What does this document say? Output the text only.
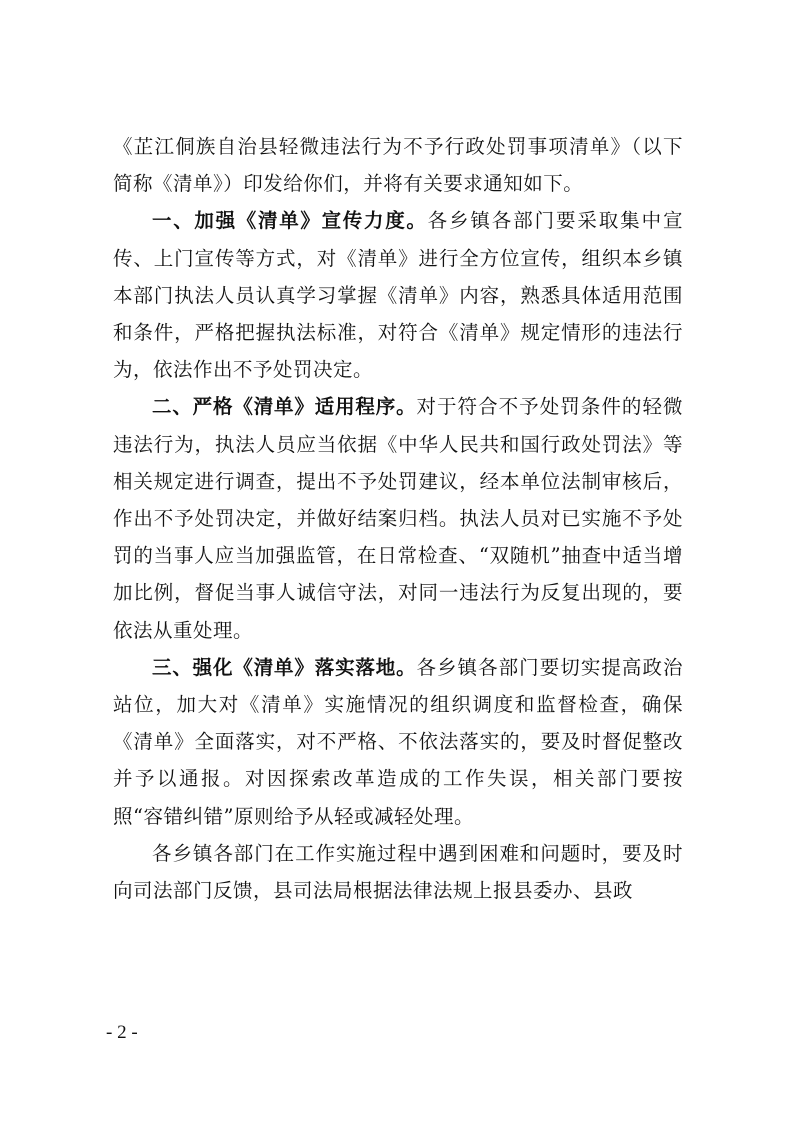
《芷江侗族自治县轻微违法行为不予行政处罚事项清单》（以下简称《清单》）印发给你们，并将有关要求通知如下。

一、加强《清单》宣传力度。各乡镇各部门要采取集中宣传、上门宣传等方式，对《清单》进行全方位宣传，组织本乡镇本部门执法人员认真学习掌握《清单》内容，熟悉具体适用范围和条件，严格把握执法标准，对符合《清单》规定情形的违法行为，依法作出不予处罚决定。

二、严格《清单》适用程序。对于符合不予处罚条件的轻微违法行为，执法人员应当依据《中华人民共和国行政处罚法》等相关规定进行调查，提出不予处罚建议，经本单位法制审核后，作出不予处罚决定，并做好结案归档。执法人员对已实施不予处罚的当事人应当加强监管，在日常检查、“双随机”抽查中适当增加比例，督促当事人诚信守法，对同一违法行为反复出现的，要依法从重处理。

三、强化《清单》落实落地。各乡镇各部门要切实提高政治站位，加大对《清单》实施情况的组织调度和监督检查，确保《清单》全面落实，对不严格、不依法落实的，要及时督促整改并予以通报。对因探索改革造成的工作失误，相关部门要按照“容错纠错”原则给予从轻或减轻处理。

各乡镇各部门在工作实施过程中遇到困难和问题时，要及时向司法部门反馈，县司法局根据法律法规上报县委办、县政

- 2 -
